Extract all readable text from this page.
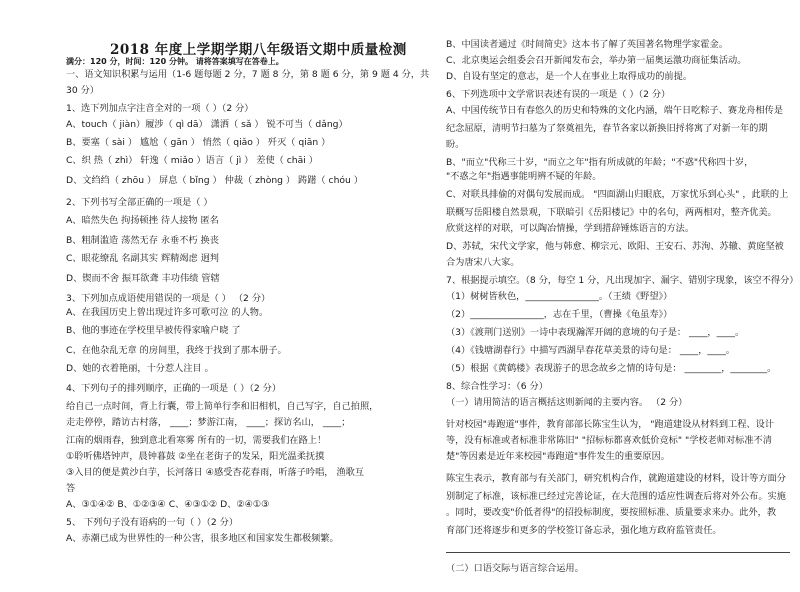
2018 年度上学期学期八年级语文期中质量检测
满分：120 分，时间：120 分钟。 请将答案填写在答卷上。
一、语文知识积累与运用（1-6 题每题 2 分，7 题 8 分，第 8 题 6 分，第 9 题 4 分，共
30 分）
1、选下列加点字注音全对的一项（ ）（2 分）
A、touch（ jiàn）履涉（ qì dā） 潇洒（ sǎ ） 锐不可当（ dǎng）
B、要塞（ sài ） 尴尬（ gān ） 悄然（ qiǎo ） 歼灭（ qiān ）
C、织 热（ zhì） 轩逸（ miǎo ）语言（ jì ） 差使（ chāi ）
D、文绉绉（ zhōu ） 屏息（ bǐng ） 仲裁（ zhòng ） 踌躇（ chóu ）
2、下列书写全部正确的一项是（ ）
A、暗然失色 拘扬顿挫 待人接物 匿名
B、粗制滥造 荡然无存 永垂不朽 换丧
C、眼花缭乱 名副其实 辉精竭虑 迥判
D、锲而不舍 振耳欲聋 丰功伟绩 管辖
3、下列加点成语使用错误的一项是（ ） （2 分）
A、在我国历史上曾出现过许多可歌可泣 的人物。
B、他的事迹在学校里早被传得家喻户晓 了
C、在他杂乱无章 的房间里，我终于找到了那本册子。
D、她的衣着艳丽，十分惹人注目 。
4、下列句子的排列顺序，正确的一项是（ ）（2 分）
给自己一点时间，背上行囊，带上简单行李和旧相机，自己写字，自己拍照，
走走停停，踏访古村落， ____；梦游江南， ____；探访名山， ____；
江南的烟雨春，独到意北看寒雾 所有的一切，需要我们在路上！
①聆听佛塔钟声，晨钟暮鼓 ②坐在老街子的发呆，阳光温柔抚摸
③入目的便是黄沙白芋，长河落日 ④感受杏花春雨，听落子吟唱， 渔歌互
答
A、③①④② B、①②③④ C、④③①② D、②④①③
5、 下列句子没有语病的一句（ ）（2 分）
A、赤潮已成为世界性的一种公害，很多地区和国家发生都极频繁。
B、中国读者通过《时间简史》这本书了解了英国著名物理学家霍金。
C、北京奥运会组委会召开新闻发布会，举办第一届奥运激功商征集活动。
D、自设有坚定的意志，是一个人在事业上取得成功的前提。
6、下列选项中文学常识表述有误的一项是（ ）（2 分）
A、中国传统节日有春悠久的历史和特殊的文化内涵，端午日吃粽子、赛龙舟相传是
纪念屈原，清明节扫墓为了祭奠祖先，春节各家以新换旧捋将寓了对新一年的期
盼。
B、"而立"代称三十岁，"而立之年"指有所成就的年龄；"不惑"代称四十岁，
"不惑之年"指遇事能明辨不疑的年龄。
C、对联具排偷的对偶句发展而成。 "四面湖山归眼底，万家忧乐到心头" ，此联的上
联概写岳阳楼自然景观，下联暗引《岳阳楼记》中的名句，两两相对，整齐优美。
欣赏这样的对联，可以陶冶情操，学到措辞锤炼语言的方法。
D、苏轼，宋代文学家，他与韩愈、柳宗元、欧阳、王安石、苏洵、苏辙、黄庭坚被
合为唐宋八大家。
7、根据提示填空。（8 分，每空 1 分，凡出现加字、漏字、错别字现象，该空不得分）
（1）树树皆秋色，________________。（王绩《野望》）
（2）________________，志在千里，（曹操《龟虽寿》）
（3）《渡荆门送别》一诗中表现瀚浑开阔的意境的句子是： ____，____。
（4）《钱塘湖春行》中描写西湖早春花草美景的诗句是： ____，____。
（5）根据《黄鹤楼》表现游子的思念故乡之情的诗句是： ________，________。
8、综合性学习：（6 分）
（一）请用简洁的语言概括这则新闻的主要内容。 （2 分）
针对校园"毒跑道"事件，教育部部长陈宝生认为， "跑道建设从材料到工程、设计
等，没有标准或者标准非常陈旧" "招标标都喜欢低价竞标" "学校老师对标准不清
楚"等因素是近年来校园"毒跑道"事件发生的重要原因。
陈宝生表示，教育部与有关部门，研究机构合作，就跑道建设的材料，设计等方面分
别制定了标准，该标准已经过完善论证，在大范围的适应性调查后将对外公布。实施
。同时，要改变"价低者得"的招投标制度，要按照标准、质量要求来办。此外，教
育部门还将逐步和更多的学校签订备忘录，强化地方政府监管责任。
（二）口语交际与语言综合运用。
